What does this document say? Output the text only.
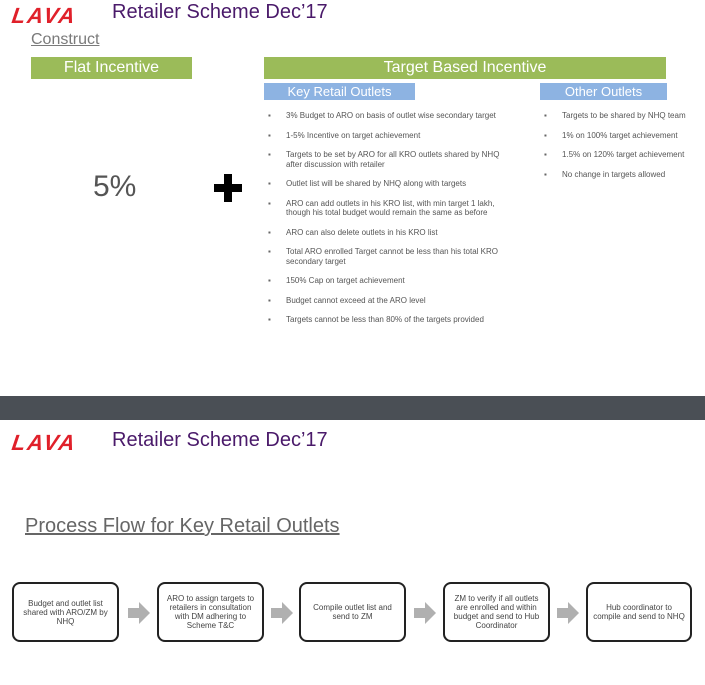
LAVA Retailer Scheme Dec’17
Construct
Flat Incentive	Target Based Incentive
Key Retail Outlets	Other Outlets
5%
▪ 3% Budget to ARO on basis of outlet wise secondary target
▪ 1-5% Incentive on target achievement
▪ Targets to be set by ARO for all KRO outlets shared by NHQ after discussion with retailer
▪ Outlet list will be shared by NHQ along with targets
▪ ARO can add outlets in his KRO list, with min target 1 lakh, though his total budget would remain the same as before
▪ ARO can also delete outlets in his KRO list
▪ Total ARO enrolled Target cannot be less than his total KRO secondary target
▪ 150% Cap on target achievement
▪ Budget cannot exceed at the ARO level
▪ Targets cannot be less than 80% of the targets provided
▪ Targets to be shared by NHQ team
▪ 1% on 100% target achievement
▪ 1.5% on 120% target achievement
▪ No change in targets allowed
LAVA Retailer Scheme Dec’17
Process Flow for Key Retail Outlets
Budget and outlet list shared with ARO/ZM by NHQ
ARO to assign targets to retailers in consultation with DM adhering to Scheme T&C
Compile outlet list and send to ZM
ZM to verify if all outlets are enrolled and within budget and send to Hub Coordinator
Hub coordinator to compile and send to NHQ
